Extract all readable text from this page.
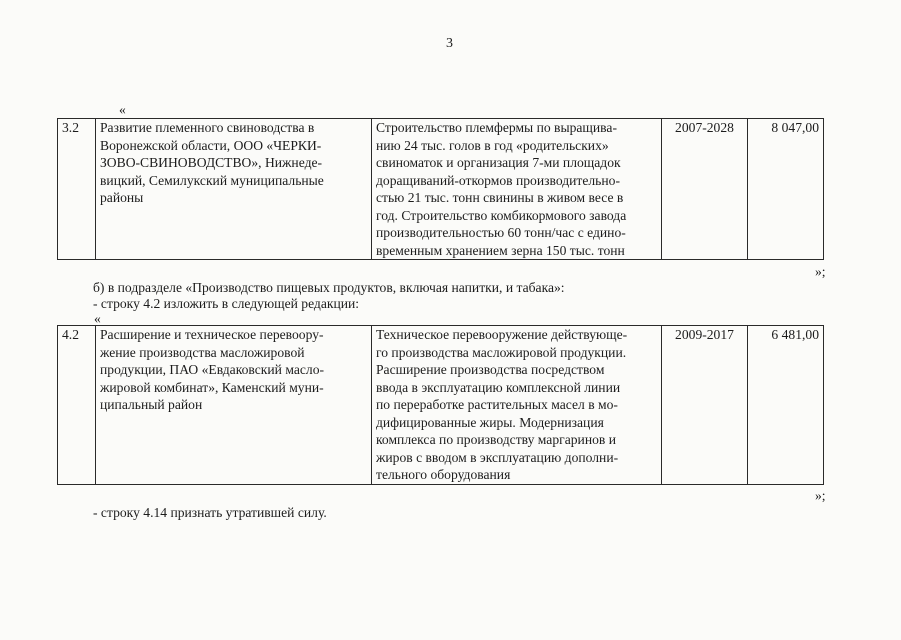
3
«
3.2	Развитие племенного свиноводства в
Воронежской области, ООО «ЧЕРКИ-
ЗОВО-СВИНОВОДСТВО», Нижнеде-
вицкий, Семилукский муниципальные
районы	Строительство племфермы по выращива-
нию 24 тыс. голов в год «родительских»
свиноматок и организация 7-ми площадок
доращиваний-откормов производительно-
стью 21 тыс. тонн свинины в живом весе в
год. Строительство комбикормового завода
производительностью 60 тонн/час с едино-
временным хранением зерна 150 тыс. тонн	2007-2028	8 047,00
»;
б) в подразделе «Производство пищевых продуктов, включая напитки, и табака»:
- строку 4.2 изложить в следующей редакции:
«
4.2	Расширение и техническое перевоору-
жение производства масложировой
продукции, ПАО «Евдаковский масло-
жировой комбинат», Каменский муни-
ципальный район	Техническое перевооружение действующе-
го производства масложировой продукции.
Расширение производства посредством
ввода в эксплуатацию комплексной линии
по переработке растительных масел в мо-
дифицированные жиры. Модернизация
комплекса по производству маргаринов и
жиров с вводом в эксплуатацию дополни-
тельного оборудования	2009-2017	6 481,00
»;
- строку 4.14 признать утратившей силу.
